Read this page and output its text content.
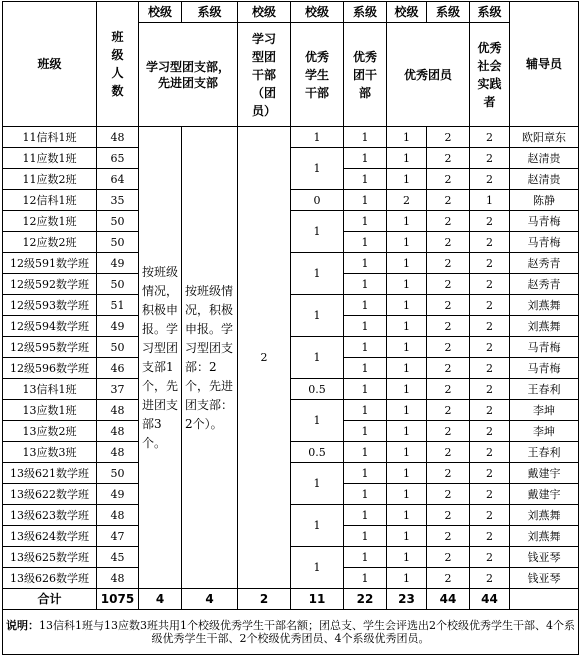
班级	班级人数	校级	系级	校级	校级	系级	校级	系级	系级	辅导员

		学习型团支部，先进团支部		学习型团干部（团员）	优秀学生干部	优秀团干部	优秀团员		优秀社会实践者	

11信科1班	48	按班级情况，积极申报。学习型团支部1个，先进团支部3个。	按班级情况，积极申报。学习型团支部：2个，先进团支部：2个）。	2	1	1	1	2	2	欧阳章东
11应数1班	65				1	1	1	2	2	赵清贵
11应数2班	64					1	1	2	2	赵清贵
12信科1班	35				0	1	2	2	1	陈静
12应数1班	50				1	1	1	2	2	马青梅
12应数2班	50					1	1	2	2	马青梅
12级591数学班	49				1	1	1	2	2	赵秀青
12级592数学班	50					1	1	2	2	赵秀青
12级593数学班	51				1	1	1	2	2	刘燕舞
12级594数学班	49					1	1	2	2	刘燕舞
12级595数学班	50				1	1	1	2	2	马青梅
12级596数学班	46					1	1	2	2	马青梅
13信科1班	37				0.5	1	1	2	2	王春利
13应数1班	48				1	1	1	2	2	李坤
13应数2班	48					1	1	2	2	李坤
13应数3班	48				0.5	1	1	2	2	王春利
13级621数学班	50				1	1	1	2	2	戴建宇
13级622数学班	49					1	1	2	2	戴建宇
13级623数学班	48				1	1	1	2	2	刘燕舞
13级624数学班	47					1	1	2	2	刘燕舞
13级625数学班	45				1	1	1	2	2	钱亚琴
13级626数学班	48					1	1	2	2	钱亚琴
合计	1075	4	4	2	11	22	23	44	44	
说明：13信科1班与13应数3班共用1个校级优秀学生干部名额；团总支、学生会评选出2个校级优秀学生干部、4个系级优秀学生干部、2个校级优秀团员、4个系级优秀团员。										
